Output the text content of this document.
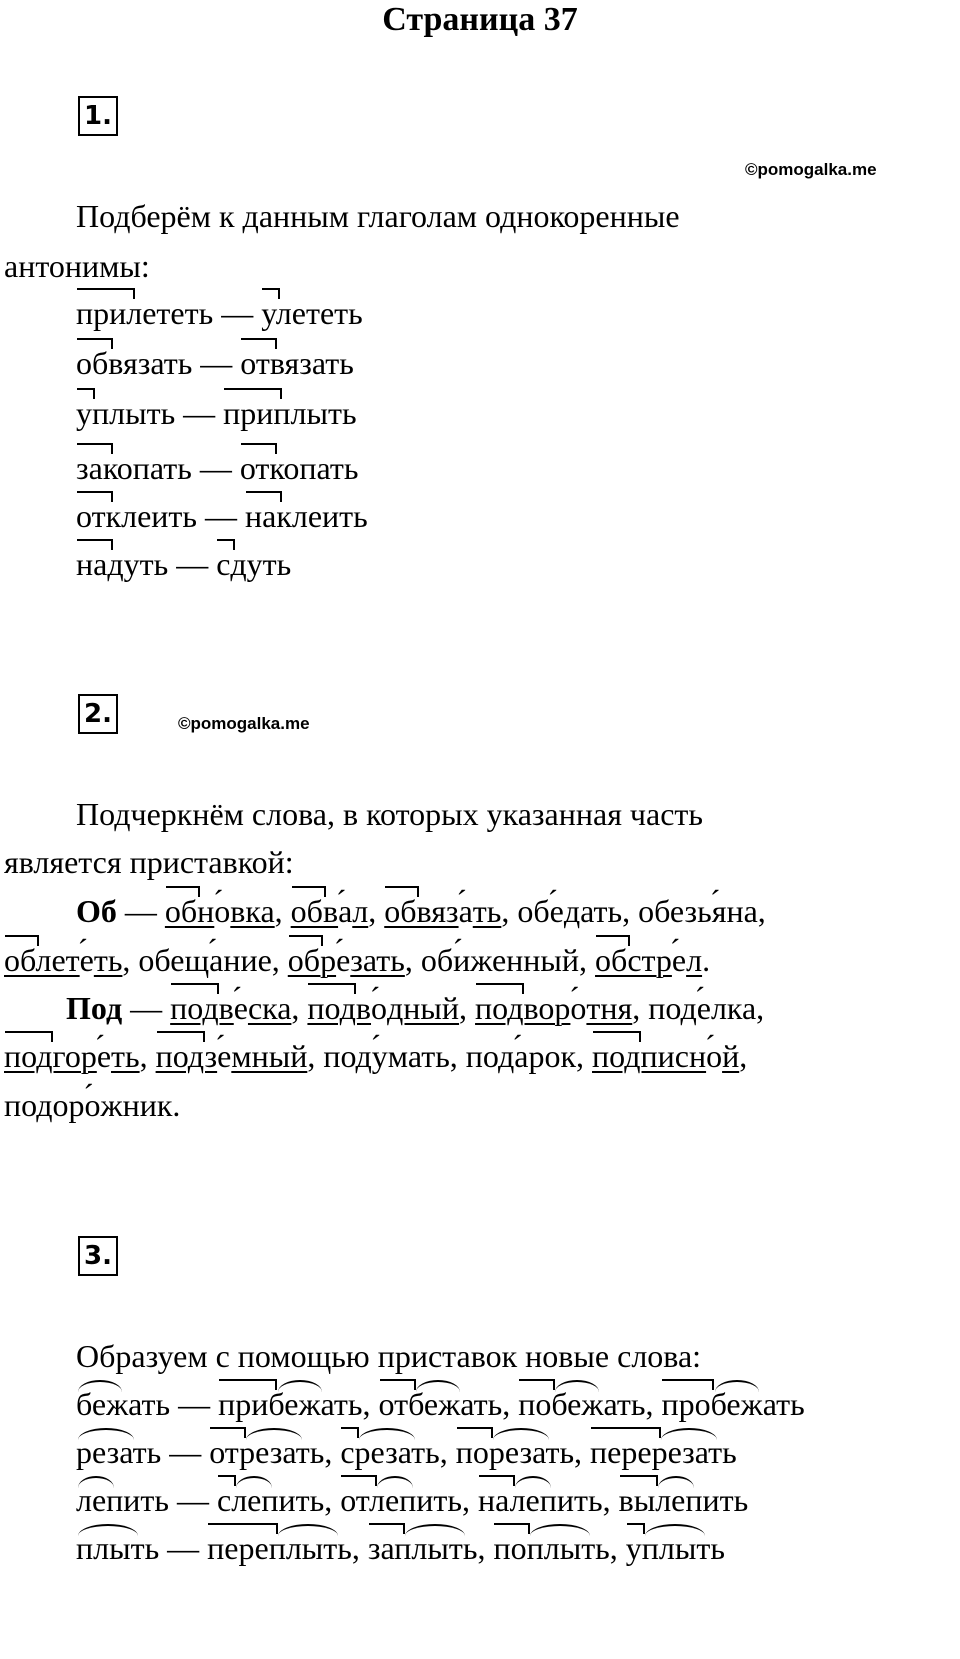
Страница 37
1.
©pomogalka.me
Подберём к данным глаголам однокоренные
антонимы:
прилететь
— улететь
обвязать
— отвязать
уплыть
— приплыть
закопать
— откопать
отклеить
— наклеить
надуть
— сдуть
2.	©pomogalka.me
Подчеркнём слова, в которых указанная часть
является приставкой:
Об — обно ́вка
, обва ́л
, обвяза ́ть
, обе ́дать, обезья ́на,
облете ́ть
, обеща ́ние, обре ́зать
, оби ́женный, обстре ́л
.
Под — подве ́ска
, подво ́дный
, подворо ́тня
, поде ́лка,
подгоре ́ть
, подзе ́мный
, поду ́мать, пода ́рок, подписно ́й
,
подоро ́жник.
3.
Образуем с помощью приставок новые слова:
бежать
— прибежать
, отбежать
, побежать
, пробежать
резать
— отрезать
, срезать
, порезать
, перерезать
лепить
— слепить
, отлепить
, налепить
, вылепить
плыть
— переплыть
, заплыть
, поплыть
, уплыть
